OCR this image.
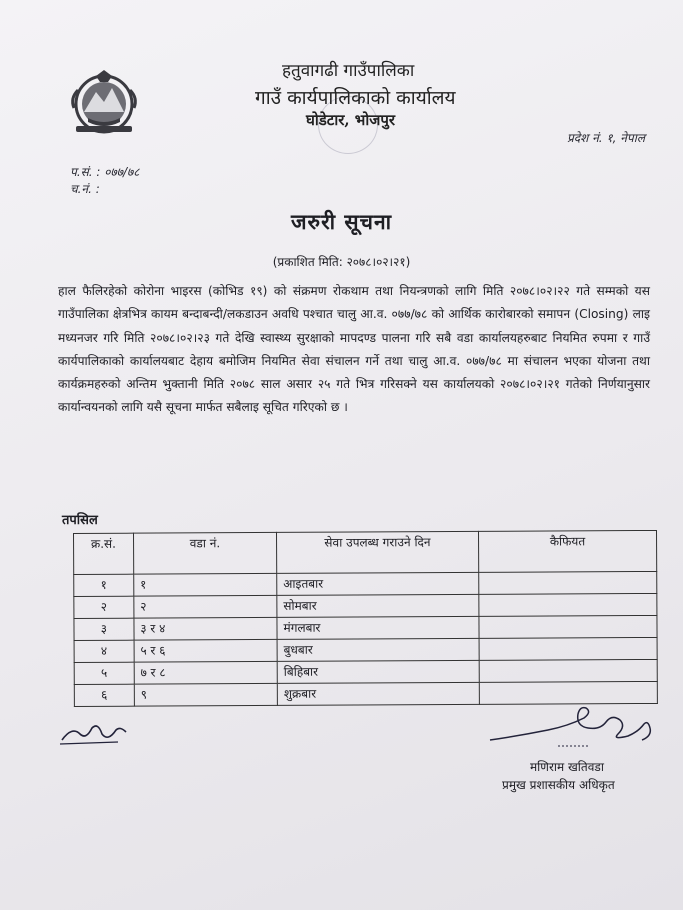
हतुवागढी गाउँपालिका
गाउँ कार्यपालिकाको कार्यालय
घोडेटार, भोजपुर
प्रदेश नं. १, नेपाल
प.सं. : ०७७/७८
च.नं. :
जरुरी सूचना
(प्रकाशित मिति: २०७८।०२।२१)
हाल फैलिरहेको कोरोना भाइरस (कोभिड १९) को संक्रमण रोकथाम तथा नियन्त्रणको लागि मिति २०७८।०२।२२ गते सम्मको यस गाउँपालिका क्षेत्रभित्र कायम बन्दाबन्दी/लकडाउन अवधि पश्चात चालु आ.व. ०७७/७८ को आर्थिक कारोबारको समापन (Closing) लाइ मध्यनजर गरि मिति २०७८।०२।२३ गते देखि स्वास्थ्य सुरक्षाको मापदण्ड पालना गरि सबै वडा कार्यालयहरुबाट नियमित रुपमा र गाउँ कार्यपालिकाको कार्यालयबाट देहाय बमोजिम नियमित सेवा संचालन गर्ने तथा चालु आ.व. ०७७/७८ मा संचालन भएका योजना तथा कार्यक्रमहरुको अन्तिम भुक्तानी मिति २०७८ साल असार २५ गते भित्र गरिसक्ने यस कार्यालयको २०७८।०२।२१ गतेको निर्णयानुसार कार्यान्वयनको लागि यसै सूचना मार्फत सबैलाइ सूचित गरिएको छ ।
तपसिल
क्र.सं.	वडा नं.	सेवा उपलब्ध गराउने दिन	कैफियत
१	१	आइतबार	
२	२	सोमबार	
३	३ र ४	मंगलबार	
४	५ र ६	बुधबार	
५	७ र ८	बिहिबार	
६	९	शुक्रबार	
मणिराम खतिवडा
प्रमुख प्रशासकीय अधिकृत
